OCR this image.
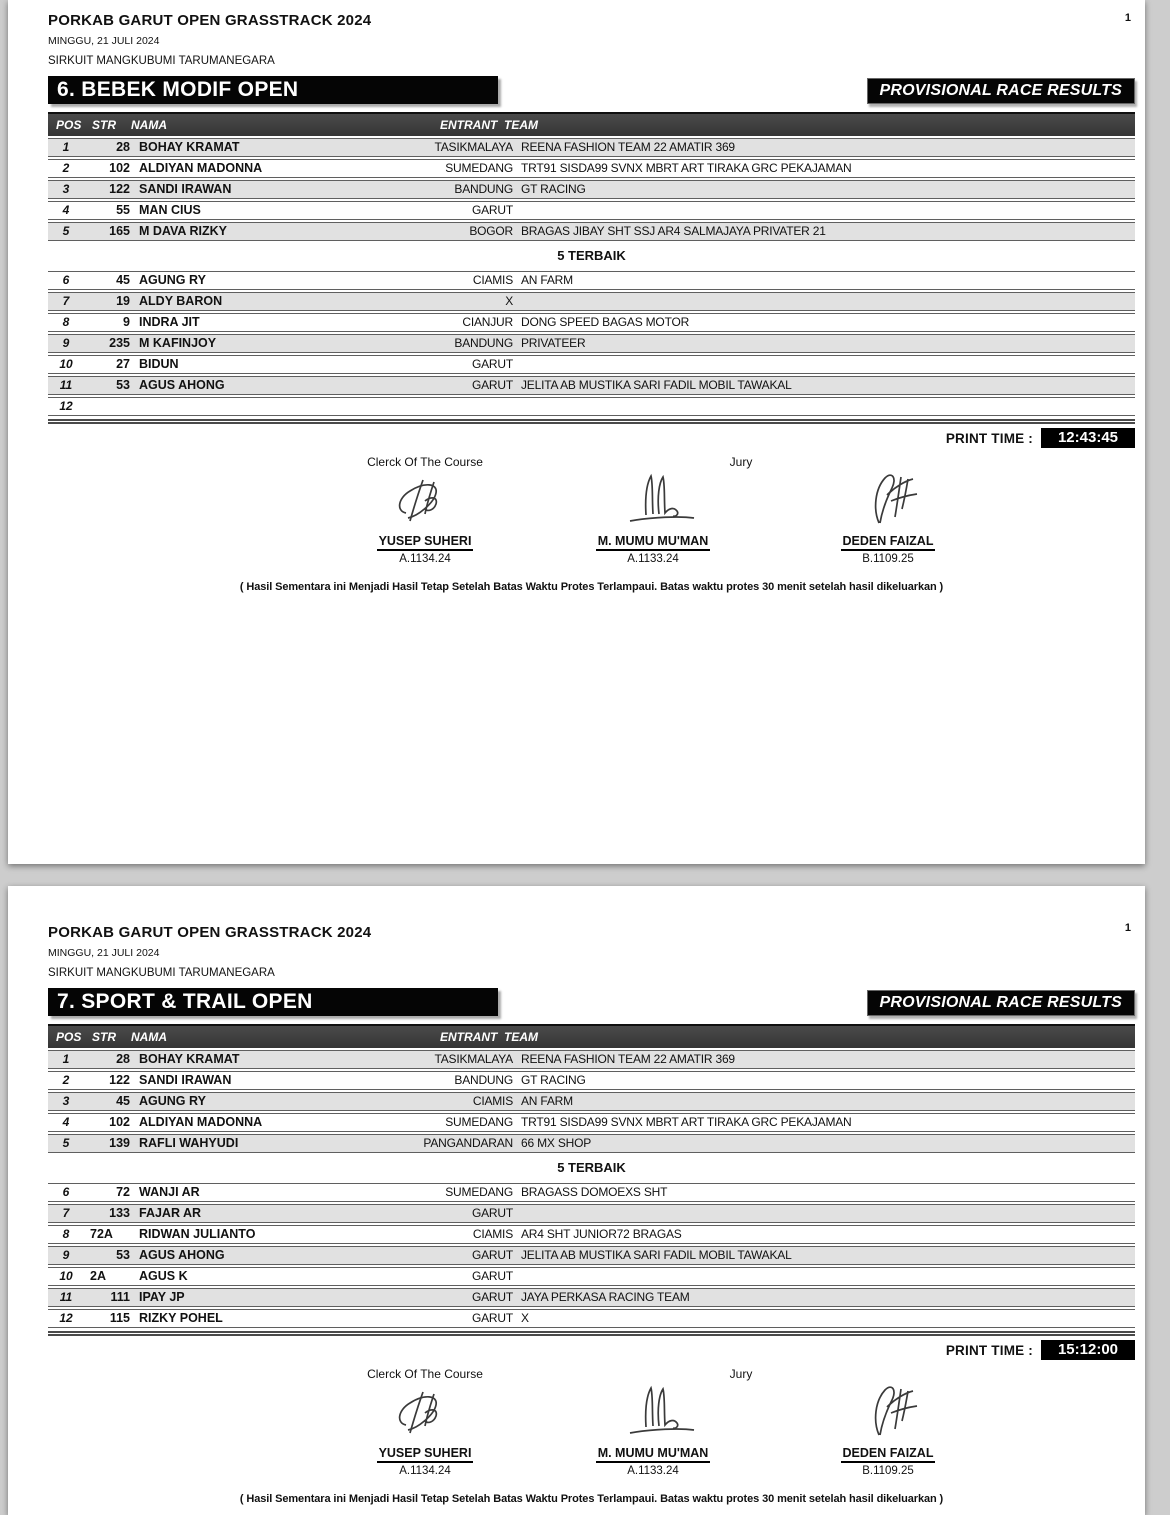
1
PORKAB GARUT OPEN GRASSTRACK 2024
MINGGU, 21 JULI 2024
SIRKUIT MANGKUBUMI TARUMANEGARA
6. BEBEK MODIF OPEN	PROVISIONAL RACE RESULTS
POS STR NAMA	ENTRANT  TEAM
1	28 BOHAY KRAMAT	TASIKMALAYA REENA FASHION TEAM 22 AMATIR 369
2	102 ALDIYAN MADONNA	SUMEDANG TRT91 SISDA99 SVNX MBRT ART TIRAKA GRC PEKAJAMAN
3	122 SANDI IRAWAN	BANDUNG GT RACING
4	55 MAN CIUS	GARUT
5	165 M DAVA RIZKY	BOGOR BRAGAS JIBAY SHT SSJ AR4 SALMAJAYA PRIVATER 21
5 TERBAIK
6	45 AGUNG RY	CIAMIS AN FARM
7	19 ALDY BARON	X
8	9 INDRA JIT	CIANJUR DONG SPEED BAGAS MOTOR
9	235 M KAFINJOY	BANDUNG PRIVATEER
10	27 BIDUN	GARUT
11	53 AGUS AHONG	GARUT JELITA AB MUSTIKA SARI FADIL MOBIL TAWAKAL
12
PRINT TIME :	12:43:45
Clerck Of The Course	Jury
YUSEP SUHERI
A.1134.24
M. MUMU MU'MAN
A.1133.24
DEDEN FAIZAL
B.1109.25
( Hasil Sementara ini Menjadi Hasil Tetap Setelah Batas Waktu Protes Terlampaui. Batas waktu protes 30 menit setelah hasil dikeluarkan )
1
PORKAB GARUT OPEN GRASSTRACK 2024
MINGGU, 21 JULI 2024
SIRKUIT MANGKUBUMI TARUMANEGARA
7. SPORT & TRAIL OPEN	PROVISIONAL RACE RESULTS
POS STR NAMA	ENTRANT  TEAM
1	28 BOHAY KRAMAT	TASIKMALAYA REENA FASHION TEAM 22 AMATIR 369
2	122 SANDI IRAWAN	BANDUNG GT RACING
3	45 AGUNG RY	CIAMIS AN FARM
4	102 ALDIYAN MADONNA	SUMEDANG TRT91 SISDA99 SVNX MBRT ART TIRAKA GRC PEKAJAMAN
5	139 RAFLI WAHYUDI	PANGANDARAN 66 MX SHOP
5 TERBAIK
6	72 WANJI AR	SUMEDANG BRAGASS DOMOEXS SHT
7	133 FAJAR AR	GARUT
8	72A	RIDWAN JULIANTO	CIAMIS AR4 SHT JUNIOR72 BRAGAS
9	53 AGUS AHONG	GARUT JELITA AB MUSTIKA SARI FADIL MOBIL TAWAKAL
10	2A	AGUS K	GARUT
11	111 IPAY JP	GARUT JAYA PERKASA RACING TEAM
12	115 RIZKY POHEL	GARUT X
PRINT TIME :	15:12:00
Clerck Of The Course	Jury
YUSEP SUHERI
A.1134.24
M. MUMU MU'MAN
A.1133.24
DEDEN FAIZAL
B.1109.25
( Hasil Sementara ini Menjadi Hasil Tetap Setelah Batas Waktu Protes Terlampaui. Batas waktu protes 30 menit setelah hasil dikeluarkan )
